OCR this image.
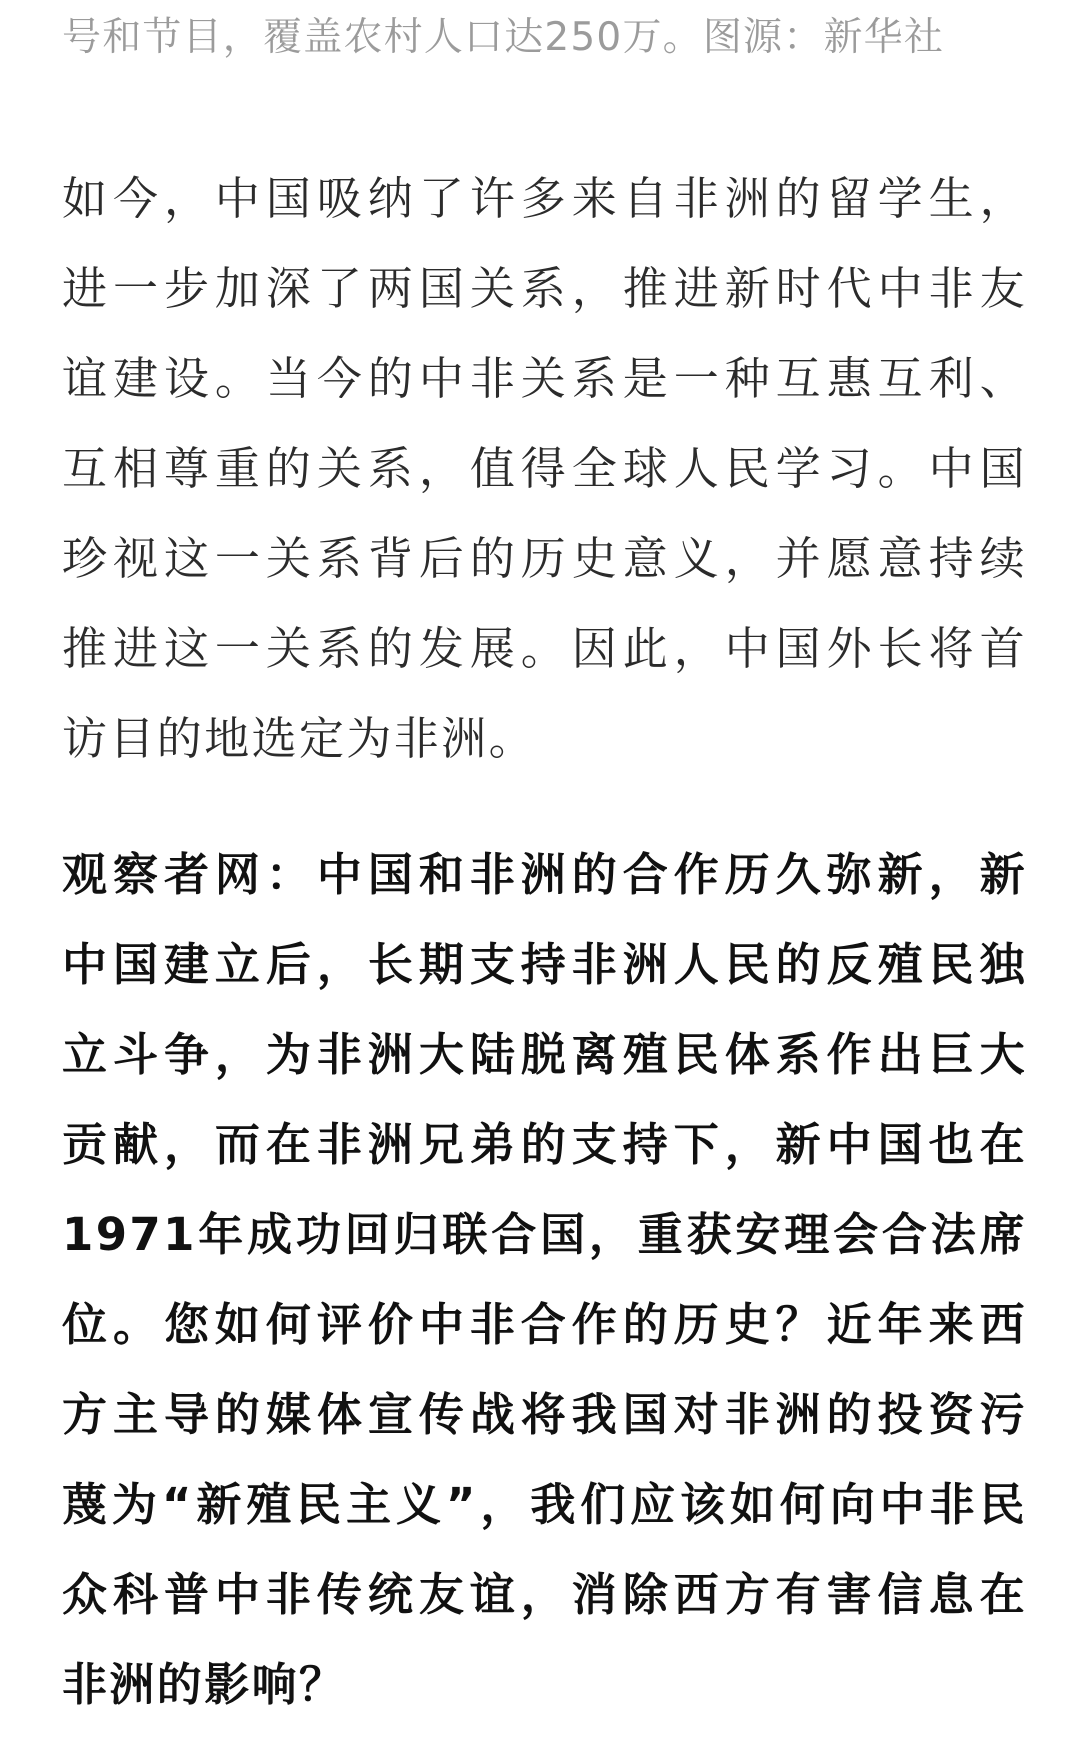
号和节目，覆盖农村人口达250万。图源：新华社

如今，中国吸纳了许多来自非洲的留学生，
进一步加深了两国关系，推进新时代中非友
谊建设。当今的中非关系是一种互惠互利、
互相尊重的关系，值得全球人民学习。中国
珍视这一关系背后的历史意义，并愿意持续
推进这一关系的发展。因此，中国外长将首
访目的地选定为非洲。
观察者网：中国和非洲的合作历久弥新，新
中国建立后，长期支持非洲人民的反殖民独
立斗争，为非洲大陆脱离殖民体系作出巨大
贡献，而在非洲兄弟的支持下，新中国也在
1971年成功回归联合国，重获安理会合法席
位。您如何评价中非合作的历史？近年来西
方主导的媒体宣传战将我国对非洲的投资污
蔑为“新殖民主义”，我们应该如何向中非民
众科普中非传统友谊，消除西方有害信息在
非洲的影响？
